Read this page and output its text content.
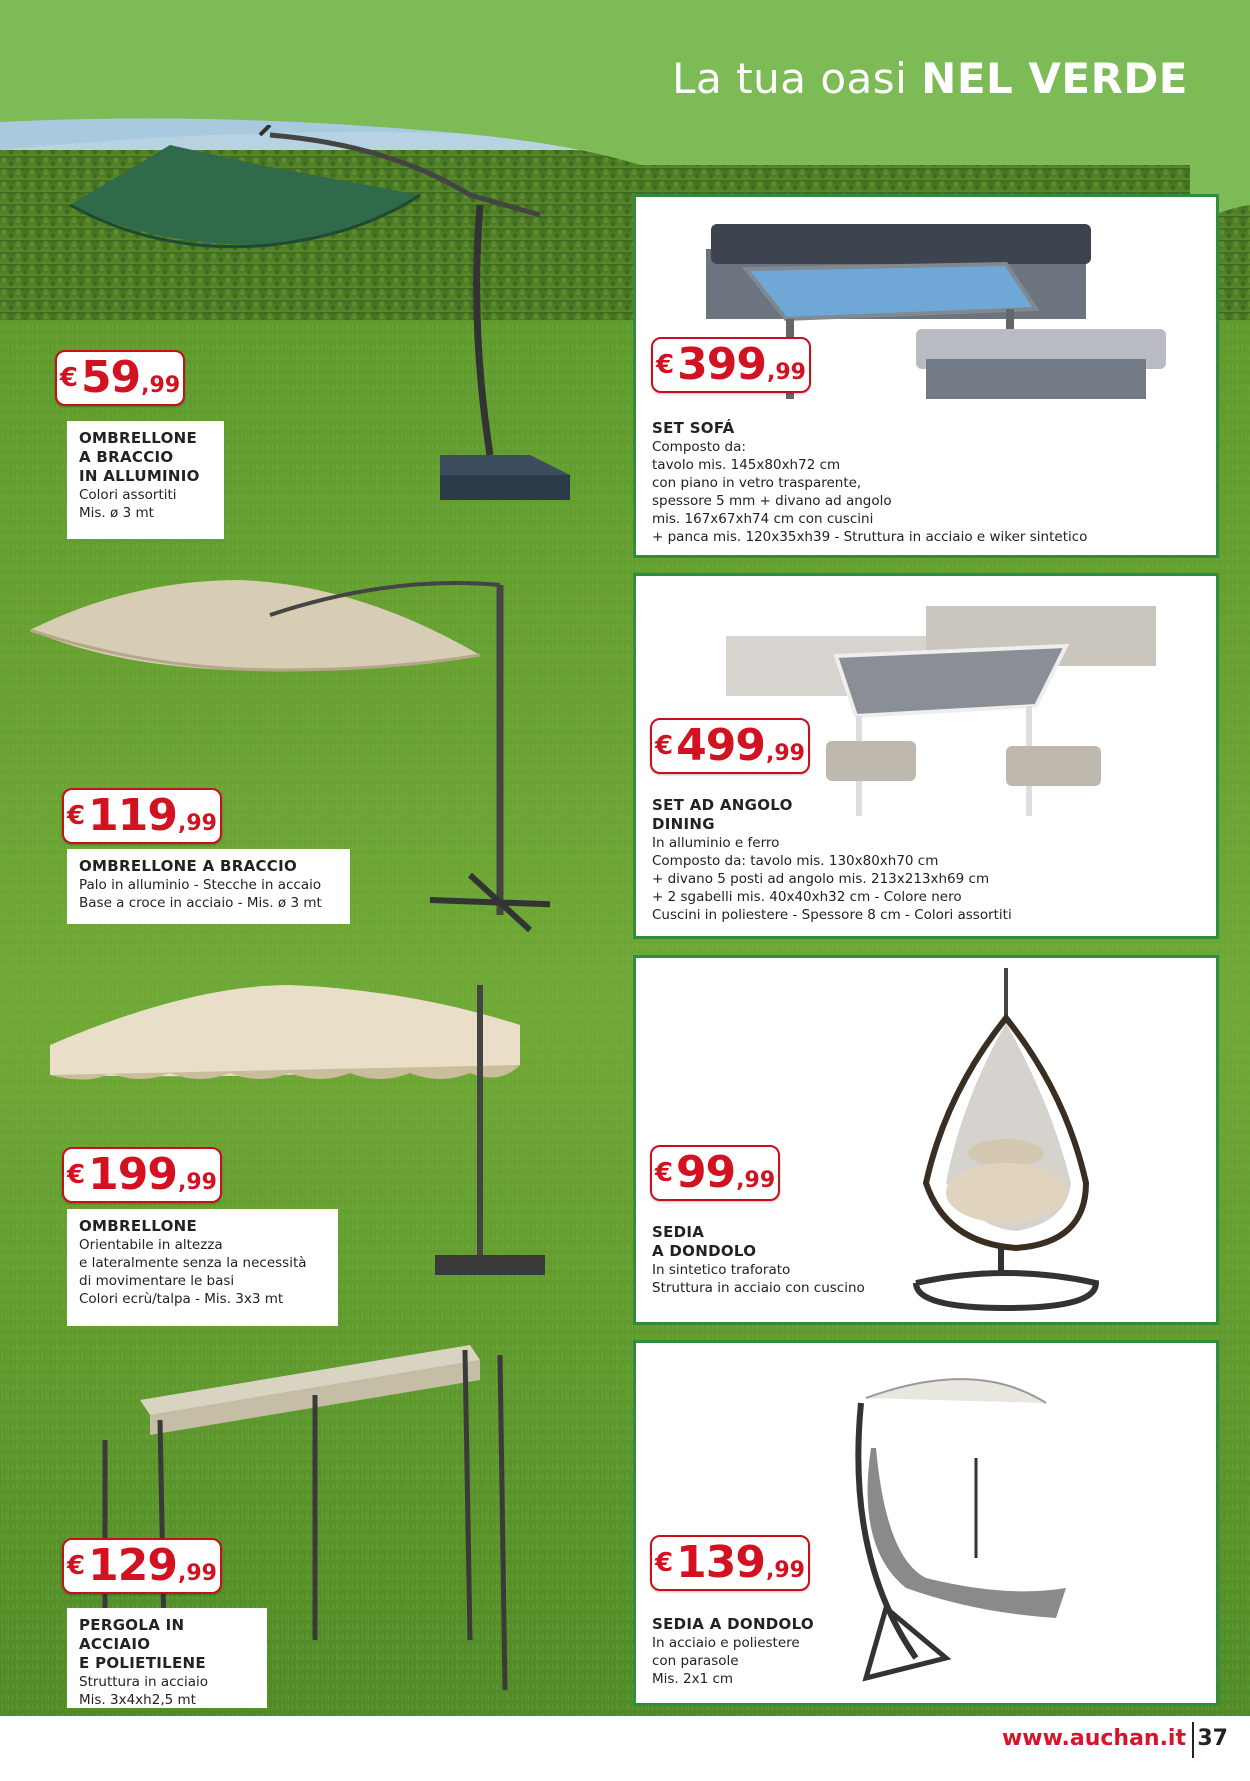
La tua oasi NEL VERDE
€ 59 ,99
OMBRELLONE
A BRACCIO
IN ALLUMINIO
Colori assortiti
Mis. ø 3 mt
€ 119 ,99
OMBRELLONE A BRACCIO
Palo in alluminio - Stecche in accaio
Base a croce in acciaio - Mis. ø 3 mt
€ 199 ,99
OMBRELLONE
Orientabile in altezza
e lateralmente senza la necessità
di movimentare le basi
Colori ecrù/talpa - Mis. 3x3 mt
€ 129 ,99
PERGOLA IN ACCIAIO
E POLIETILENE
Struttura in acciaio
Mis. 3x4xh2,5 mt
€ 399 ,99
SET SOFÁ
Composto da:
tavolo mis. 145x80xh72 cm
con piano in vetro trasparente,
spessore 5 mm + divano ad angolo
mis. 167x67xh74 cm con cuscini
+ panca mis. 120x35xh39 - Struttura in acciaio e wiker sintetico
€ 499 ,99
SET AD ANGOLO
DINING
In alluminio e ferro
Composto da: tavolo mis. 130x80xh70 cm
+ divano 5 posti ad angolo mis. 213x213xh69 cm
+ 2 sgabelli mis. 40x40xh32 cm - Colore nero
Cuscini in poliestere - Spessore 8 cm - Colori assortiti
€ 99 ,99
SEDIA
A DONDOLO
In sintetico traforato
Struttura in acciaio con cuscino
€ 139 ,99
SEDIA A DONDOLO
In acciaio e poliestere
con parasole
Mis. 2x1 cm
www.auchan.it 37
